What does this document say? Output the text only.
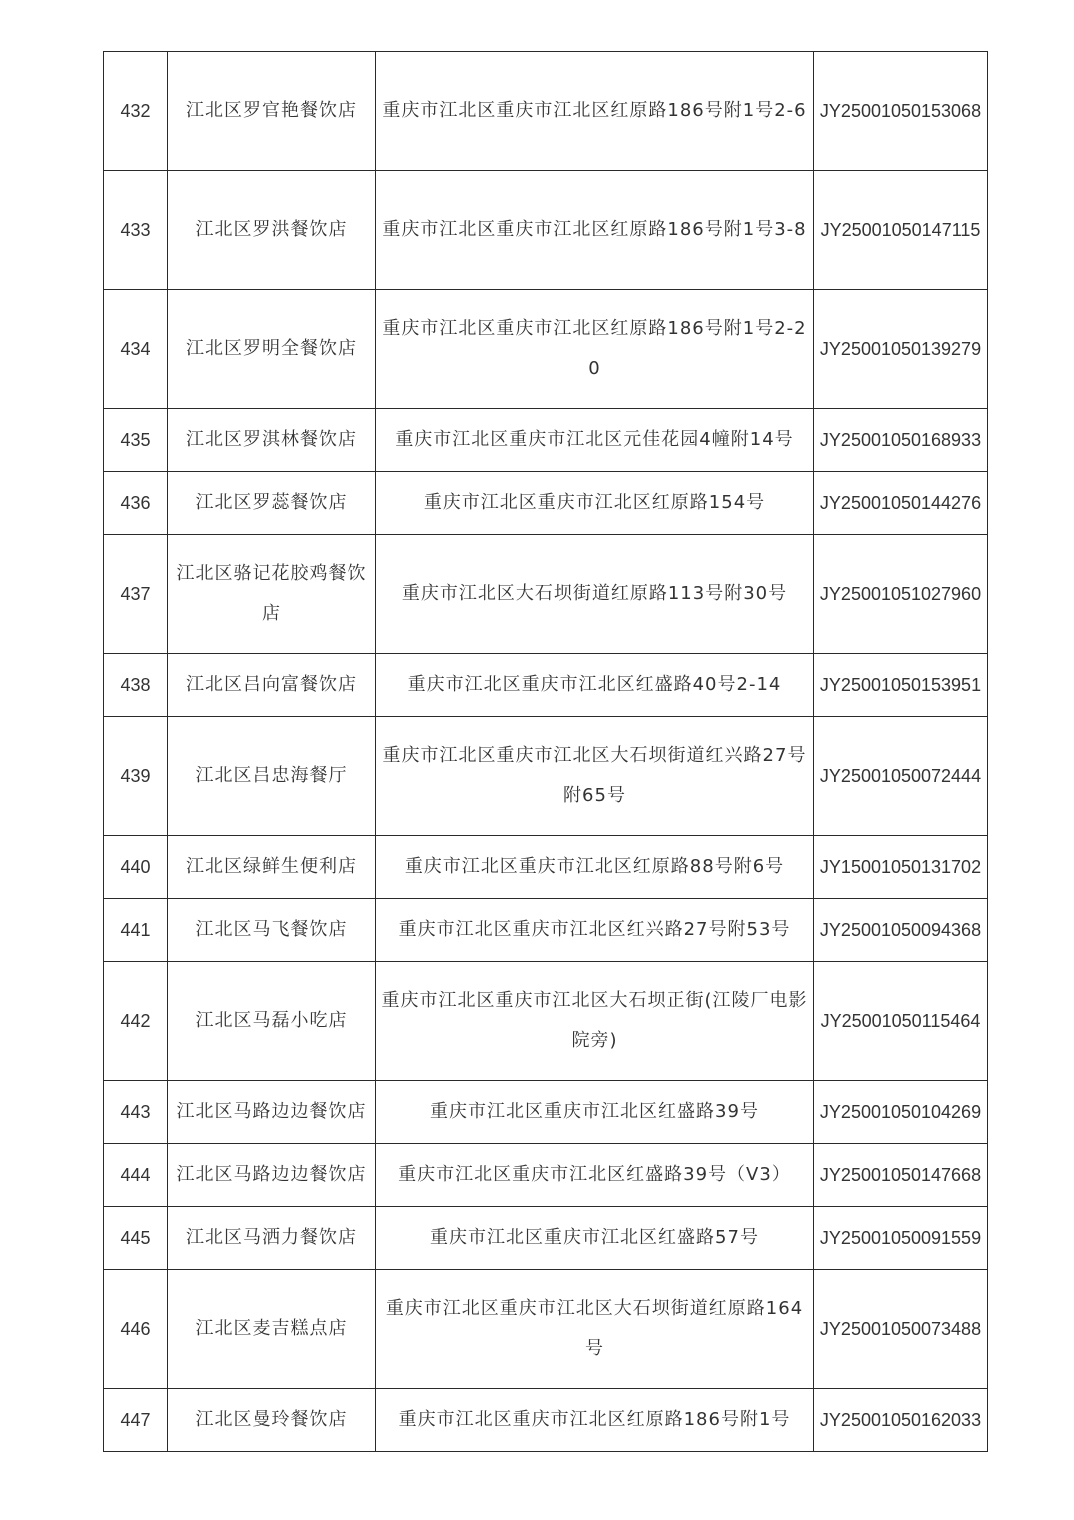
432	江北区罗官艳餐饮店	重庆市江北区重庆市江北区红原路186号附1号2-6	JY25001050153068
433	江北区罗洪餐饮店	重庆市江北区重庆市江北区红原路186号附1号3-8	JY25001050147115
434	江北区罗明全餐饮店	重庆市江北区重庆市江北区红原路186号附1号2-20	JY25001050139279
435	江北区罗淇林餐饮店	重庆市江北区重庆市江北区元佳花园4幢附14号	JY25001050168933
436	江北区罗蕊餐饮店	重庆市江北区重庆市江北区红原路154号	JY25001050144276
437	江北区骆记花胶鸡餐饮店	重庆市江北区大石坝街道红原路113号附30号	JY25001051027960
438	江北区吕向富餐饮店	重庆市江北区重庆市江北区红盛路40号2-14	JY25001050153951
439	江北区吕忠海餐厅	重庆市江北区重庆市江北区大石坝街道红兴路27号附65号	JY25001050072444
440	江北区绿鲜生便利店	重庆市江北区重庆市江北区红原路88号附6号	JY15001050131702
441	江北区马飞餐饮店	重庆市江北区重庆市江北区红兴路27号附53号	JY25001050094368
442	江北区马磊小吃店	重庆市江北区重庆市江北区大石坝正街(江陵厂电影院旁)	JY25001050115464
443	江北区马路边边餐饮店	重庆市江北区重庆市江北区红盛路39号	JY25001050104269
444	江北区马路边边餐饮店	重庆市江北区重庆市江北区红盛路39号（V3）	JY25001050147668
445	江北区马洒力餐饮店	重庆市江北区重庆市江北区红盛路57号	JY25001050091559
446	江北区麦吉糕点店	重庆市江北区重庆市江北区大石坝街道红原路164号	JY25001050073488
447	江北区曼玲餐饮店	重庆市江北区重庆市江北区红原路186号附1号	JY25001050162033
